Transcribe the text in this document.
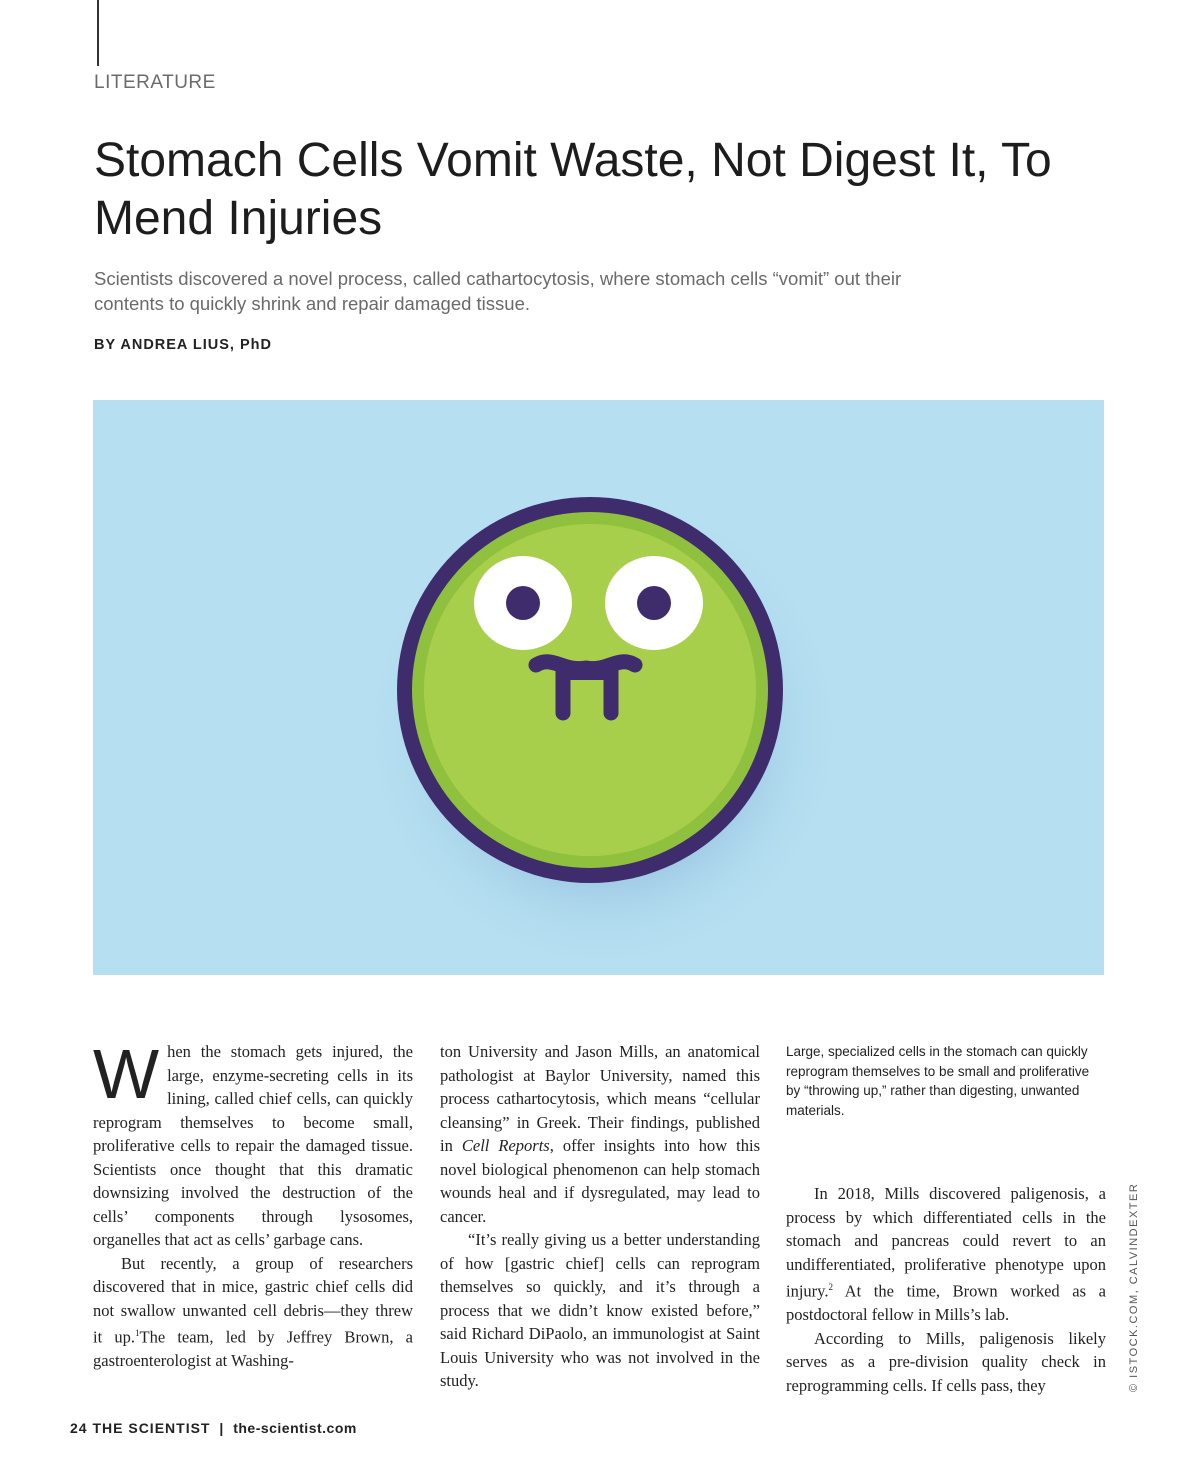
LITERATURE
Stomach Cells Vomit Waste, Not Digest It, To Mend Injuries

Scientists discovered a novel process, called cathartocytosis, where stomach cells “vomit” out their contents to quickly shrink and repair damaged tissue.

BY ANDREA LIUS, PhD
© ISTOCK.COM, CALVINDEXTER

When the stomach gets injured, the large, enzyme-secreting cells in its lining, called chief cells, can quickly reprogram themselves to become small, proliferative cells to repair the damaged tissue. Scientists once thought that this dramatic downsizing involved the destruction of the cells’ components through lysosomes, organelles that act as cells’ garbage cans.

But recently, a group of researchers discovered that in mice, gastric chief cells did not swallow unwanted cell debris—they threw it up.$^1$The team, led by Jeffrey Brown, a gastroenterologist at Washing-

ton University and Jason Mills, an anatomical pathologist at Baylor University, named this process cathartocytosis, which means “cellular cleansing” in Greek. Their findings, published in Cell Reports, offer insights into how this novel biological phenomenon can help stomach wounds heal and if dysregulated, may lead to cancer.

“It’s really giving us a better understanding of how [gastric chief] cells can reprogram themselves so quickly, and it’s through a process that we didn’t know existed before,” said Richard DiPaolo, an immunologist at Saint Louis University who was not involved in the study.

Large, specialized cells in the stomach can quickly reprogram themselves to be small and proliferative by “throwing up,” rather than digesting, unwanted materials.

In 2018, Mills discovered paligenosis, a process by which differentiated cells in the stomach and pancreas could revert to an undifferentiated, proliferative phenotype upon injury.$^2$ At the time, Brown worked as a postdoctoral fellow in Mills’s lab.

According to Mills, paligenosis likely serves as a pre-division quality check in reprogramming cells. If cells pass, they

24 THE SCIENTIST | the-scientist.com
